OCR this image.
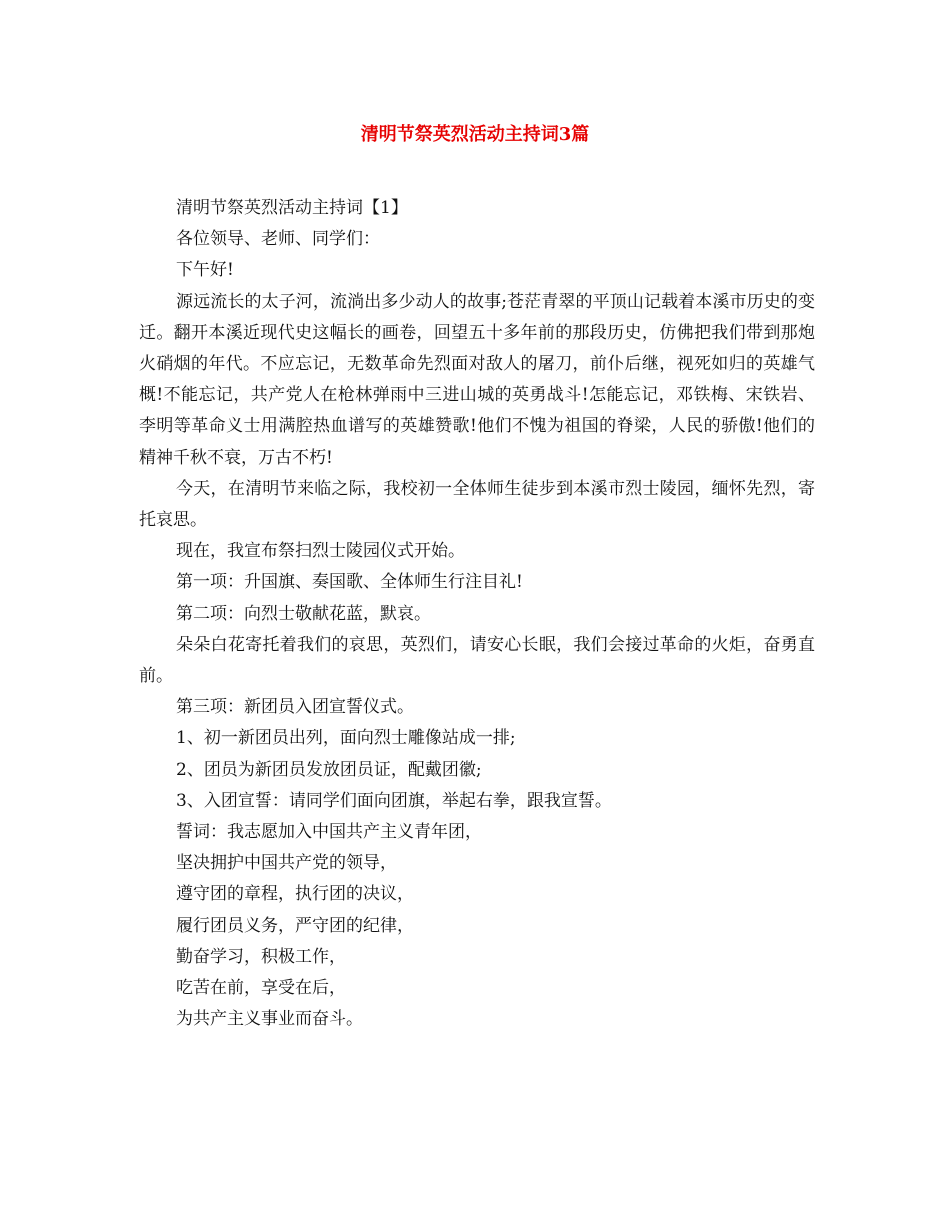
清明节祭英烈活动主持词3篇

清明节祭英烈活动主持词【1】

各位领导、老师、同学们：

下午好!

源远流长的太子河，流淌出多少动人的故事;苍茫青翠的平顶山记载着本溪市历史的变迁。翻开本溪近现代史这幅长的画卷，回望五十多年前的那段历史，仿佛把我们带到那炮火硝烟的年代。不应忘记，无数革命先烈面对敌人的屠刀，前仆后继，视死如归的英雄气概!不能忘记，共产党人在枪林弹雨中三进山城的英勇战斗!怎能忘记，邓铁梅、宋铁岩、李明等革命义士用满腔热血谱写的英雄赞歌!他们不愧为祖国的脊梁，人民的骄傲!他们的精神千秋不衰，万古不朽!

今天，在清明节来临之际，我校初一全体师生徒步到本溪市烈士陵园，缅怀先烈，寄托哀思。

现在，我宣布祭扫烈士陵园仪式开始。

第一项：升国旗、奏国歌、全体师生行注目礼!

第二项：向烈士敬献花蓝，默哀。

朵朵白花寄托着我们的哀思，英烈们，请安心长眠，我们会接过革命的火炬，奋勇直前。

第三项：新团员入团宣誓仪式。

1、初一新团员出列，面向烈士雕像站成一排;

2、团员为新团员发放团员证，配戴团徽;

3、入团宣誓：请同学们面向团旗，举起右拳，跟我宣誓。

誓词：我志愿加入中国共产主义青年团，

坚决拥护中国共产党的领导，

遵守团的章程，执行团的决议，

履行团员义务，严守团的纪律，

勤奋学习，积极工作，

吃苦在前，享受在后，

为共产主义事业而奋斗。
